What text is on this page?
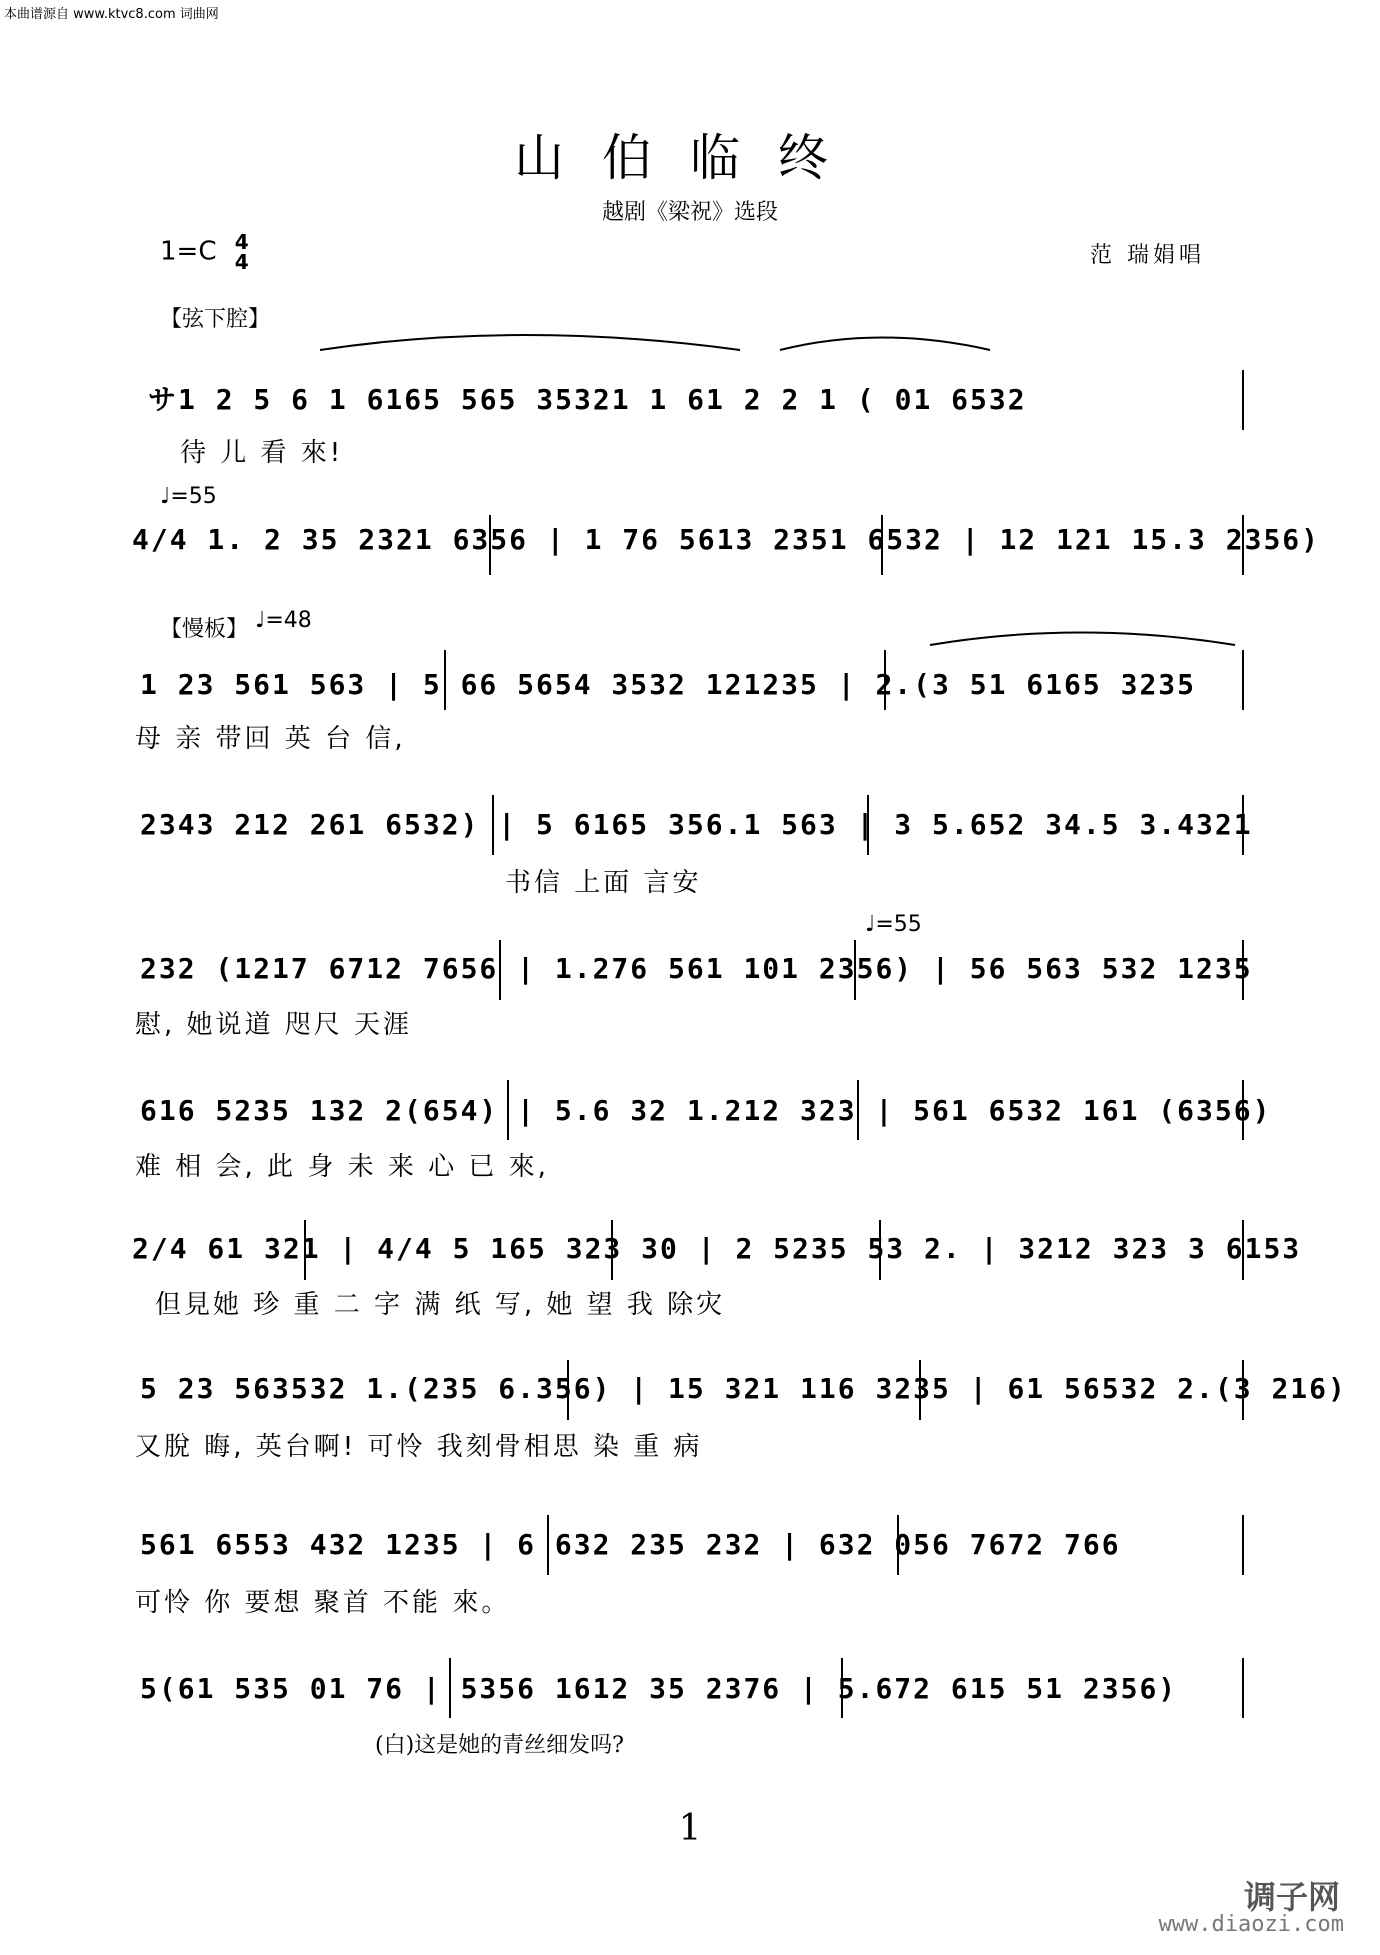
本曲谱源自 www.ktvc8.com 词曲网
山伯临终
越剧《梁祝》选段
1=C 4
4	范 瑞娟唱
【弦下腔】
サ1 2 5 6 1 6165 565 35321 1 61 2 2 1 ( 01 6532
待 儿 看 來!
♩=55
4/4 1. 2 35 2321 6356 | 1 76 5613 2351 6532 | 12 121 15.3 2356)
【慢板】 ♩=48
1 23 561 563 | 5 66 5654 3532 121235 | 2.(3 51 6165 3235
母 亲 带回 英 台 信,
2343 212 261 6532) | 5 6165 356.1 563 | 3 5.652 34.5 3.4321
书信 上面 言安
♩=55
232 (1217 6712 7656 | 1.276 561 101 2356) | 56 563 532 1235
慰, 她说道 咫尺 天涯
616 5235 132 2(654) | 5.6 32 1.212 323 | 561 6532 161 (6356)
难 相 会, 此 身 未 来 心 已 來,
2/4 61 321 | 4/4 5 165 323 30 | 2 5235 53 2. | 3212 323 3 6153
但見她 珍 重 二 字 满 纸 写, 她 望 我 除灾
5 23 563532 1.(235 6.356) | 15 321 116 3235 | 61 56532 2.(3 216)
又脫 晦, 英台啊! 可怜 我刻骨相思 染 重 病
561 6553 432 1235 | 6 632 235 232 | 632 056 7672 766
可怜 你 要想 聚首 不能 來。
5(61 535 01 76 | 5356 1612 35 2376 | 5.672 615 51 2356)
(白)这是她的青丝细发吗?
1
调子网
www.diaozi.com
